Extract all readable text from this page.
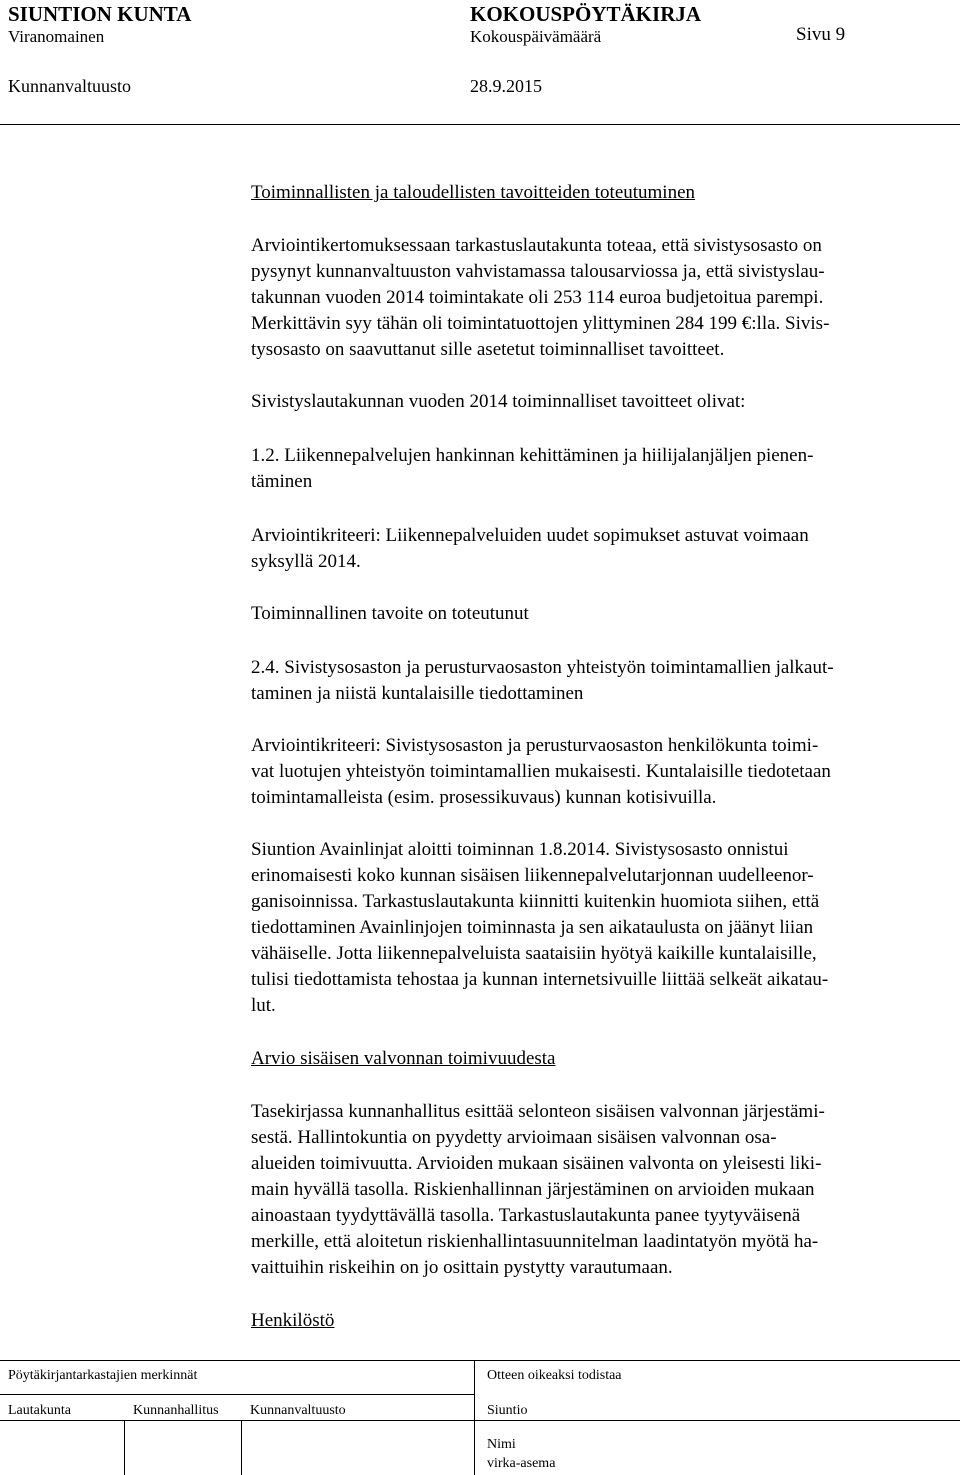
SIUNTION KUNTA	KOKOUSPÖYTÄKIRJA
Viranomainen	Kokouspäivämäärä	Sivu 9
Kunnanvaltuusto	28.9.2015

Toiminnallisten ja taloudellisten tavoitteiden toteutuminen

Arviointikertomuksessaan tarkastuslautakunta toteaa, että sivistysosasto on
pysynyt kunnanvaltuuston vahvistamassa talousarviossa ja, että sivistyslau-
takunnan vuoden 2014 toimintakate oli 253 114 euroa budjetoitua parempi.
Merkittävin syy tähän oli toimintatuottojen ylittyminen 284 199 €:lla. Sivis-
tysosasto on saavuttanut sille asetetut toiminnalliset tavoitteet.
Sivistyslautakunnan vuoden 2014 toiminnalliset tavoitteet olivat:
1.2. Liikennepalvelujen hankinnan kehittäminen ja hiilijalanjäljen pienen-
täminen
Arviointikriteeri: Liikennepalveluiden uudet sopimukset astuvat voimaan
syksyllä 2014.
Toiminnallinen tavoite on toteutunut
2.4. Sivistysosaston ja perusturvaosaston yhteistyön toimintamallien jalkaut-
taminen ja niistä kuntalaisille tiedottaminen
Arviointikriteeri: Sivistysosaston ja perusturvaosaston henkilökunta toimi-
vat luotujen yhteistyön toimintamallien mukaisesti. Kuntalaisille tiedotetaan
toimintamalleista (esim. prosessikuvaus) kunnan kotisivuilla.
Siuntion Avainlinjat aloitti toiminnan 1.8.2014. Sivistysosasto onnistui
erinomaisesti koko kunnan sisäisen liikennepalvelutarjonnan uudelleenor-
ganisoinnissa. Tarkastuslautakunta kiinnitti kuitenkin huomiota siihen, että
tiedottaminen Avainlinjojen toiminnasta ja sen aikataulusta on jäänyt liian
vähäiselle. Jotta liikennepalveluista saataisiin hyötyä kaikille kuntalaisille,
tulisi tiedottamista tehostaa ja kunnan internetsivuille liittää selkeät aikatau-
lut.
Arvio sisäisen valvonnan toimivuudesta
Tasekirjassa kunnanhallitus esittää selonteon sisäisen valvonnan järjestämi-
sestä. Hallintokuntia on pyydetty arvioimaan sisäisen valvonnan osa-
alueiden toimivuutta. Arvioiden mukaan sisäinen valvonta on yleisesti liki-
main hyvällä tasolla. Riskienhallinnan järjestäminen on arvioiden mukaan
ainoastaan tyydyttävällä tasolla. Tarkastuslautakunta panee tyytyväisenä
merkille, että aloitetun riskienhallintasuunnitelman laadintatyön myötä ha-
vaittuihin riskeihin on jo osittain pystytty varautumaan.
Henkilöstö
Pöytäkirjantarkastajien merkinnät	Otteen oikeaksi todistaa
Lautakunta	Kunnanhallitus Kunnanvaltuusto	Siuntio
Nimi
virka-asema
